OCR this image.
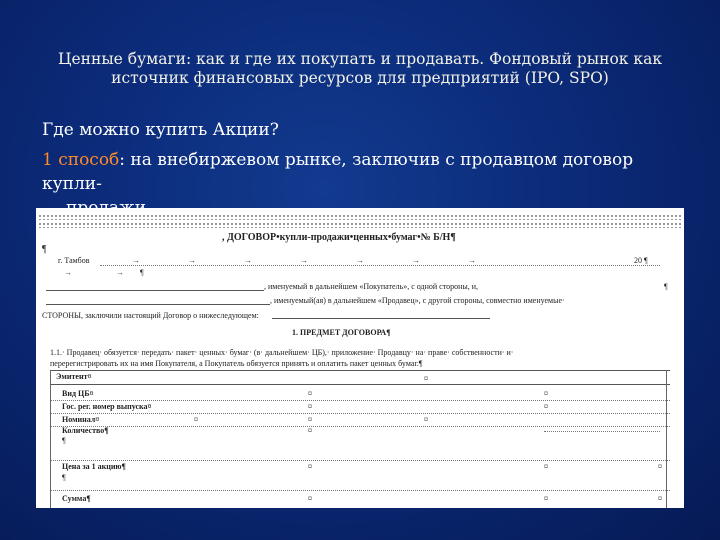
Ценные бумаги: как и где их покупать и продавать. Фондовый рынок как источник финансовых ресурсов для предприятий (IPO, SPO)
Где можно купить Акции?
1 способ: на внебиржевом рынке, заключив с продавцом договор купли-
, ДОГОВОР•купли-продажи•ценных•бумаг•№ Б/Н¶
¶
г. Тамбов	→	→	→	→	→	→	→	20 ¶
→	→ ¶
, именуемый в дальнейшем «Покупатель», с одной стороны, и,	¶
, именуемый(ая) в дальнейшем «Продавец», с другой стороны, совместно именуемые·
СТОРОНЫ, заключили настоящий Договор о нижеследующем:
1. ПРЕДМЕТ ДОГОВОРА¶
1.1.· Продавец· обязуется· передать· пакет· ценных· бумаг· (в· дальнейшем· ЦБ),· приложение· Продавцу· на· праве· собственности· и·
перерегистрировать их на имя Покупателя, а Покупатель обязуется принять и оплатить пакет ценных бумаг.¶
Эмитент¤	¤
Вид ЦБ¤	¤	¤
Гос. рег. номер выпуска¤	¤	¤
Номинал¤	¤	¤	¤
Количество¶	¤
¶
Цена за 1 акцию¶	¤	¤	¤
¶
Сумма¶	¤	¤	¤
